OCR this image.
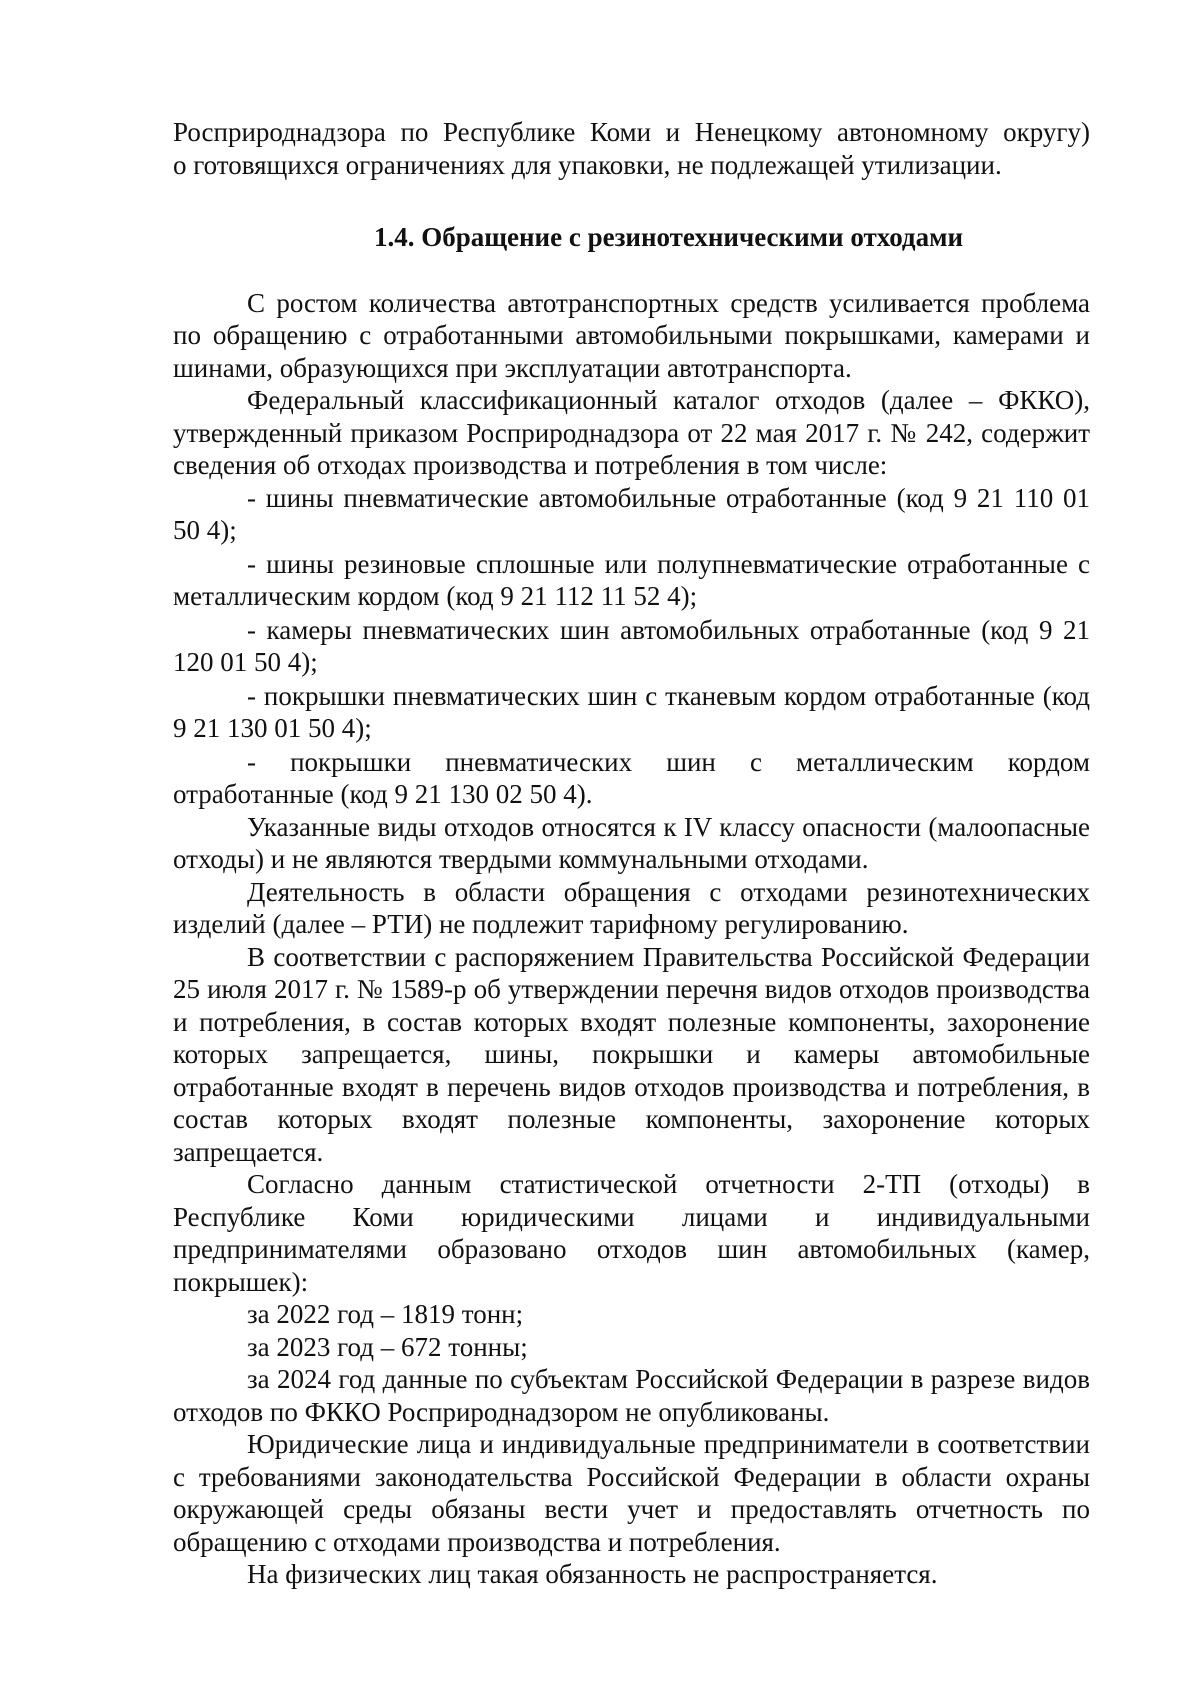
Росприроднадзора по Республике Коми и Ненецкому автономному округу)

о готовящихся ограничениях для упаковки, не подлежащей утилизации.

1.4. Обращение с резинотехническими отходами

С ростом количества автотранспортных средств усиливается проблема по обращению с отработанными автомобильными покрышками, камерами и шинами, образующихся при эксплуатации автотранспорта.

Федеральный классификационный каталог отходов (далее – ФККО), утвержденный приказом Росприроднадзора от 22 мая 2017 г. № 242, содержит сведения об отходах производства и потребления в том числе:

- шины пневматические автомобильные отработанные (код 9 21 110 01 50 4);

- шины резиновые сплошные или полупневматические отработанные с металлическим кордом (код 9 21 112 11 52 4);

- камеры пневматических шин автомобильных отработанные (код 9 21 120 01 50 4);

- покрышки пневматических шин с тканевым кордом отработанные (код 9 21 130 01 50 4);

- покрышки пневматических шин с металлическим кордом отработанные (код 9 21 130 02 50 4).

Указанные виды отходов относятся к IV классу опасности (малоопасные отходы) и не являются твердыми коммунальными отходами.

Деятельность в области обращения с отходами резинотехнических изделий (далее – РТИ) не подлежит тарифному регулированию.

В соответствии с распоряжением Правительства Российской Федерации 25 июля 2017 г. № 1589-р об утверждении перечня видов отходов производства и потребления, в состав которых входят полезные компоненты, захоронение которых запрещается, шины, покрышки и камеры автомобильные отработанные входят в перечень видов отходов производства и потребления, в состав которых входят полезные компоненты, захоронение которых запрещается.

Согласно данным статистической отчетности 2-ТП (отходы) в Республике Коми юридическими лицами и индивидуальными предпринимателями образовано отходов шин автомобильных (камер, покрышек):

за 2022 год – 1819 тонн;

за 2023 год – 672 тонны;

за 2024 год данные по субъектам Российской Федерации в разрезе видов отходов по ФККО Росприроднадзором не опубликованы.

Юридические лица и индивидуальные предприниматели в соответствии с требованиями законодательства Российской Федерации в области охраны окружающей среды обязаны вести учет и предоставлять отчетность по обращению с отходами производства и потребления.

На физических лиц такая обязанность не распространяется.
